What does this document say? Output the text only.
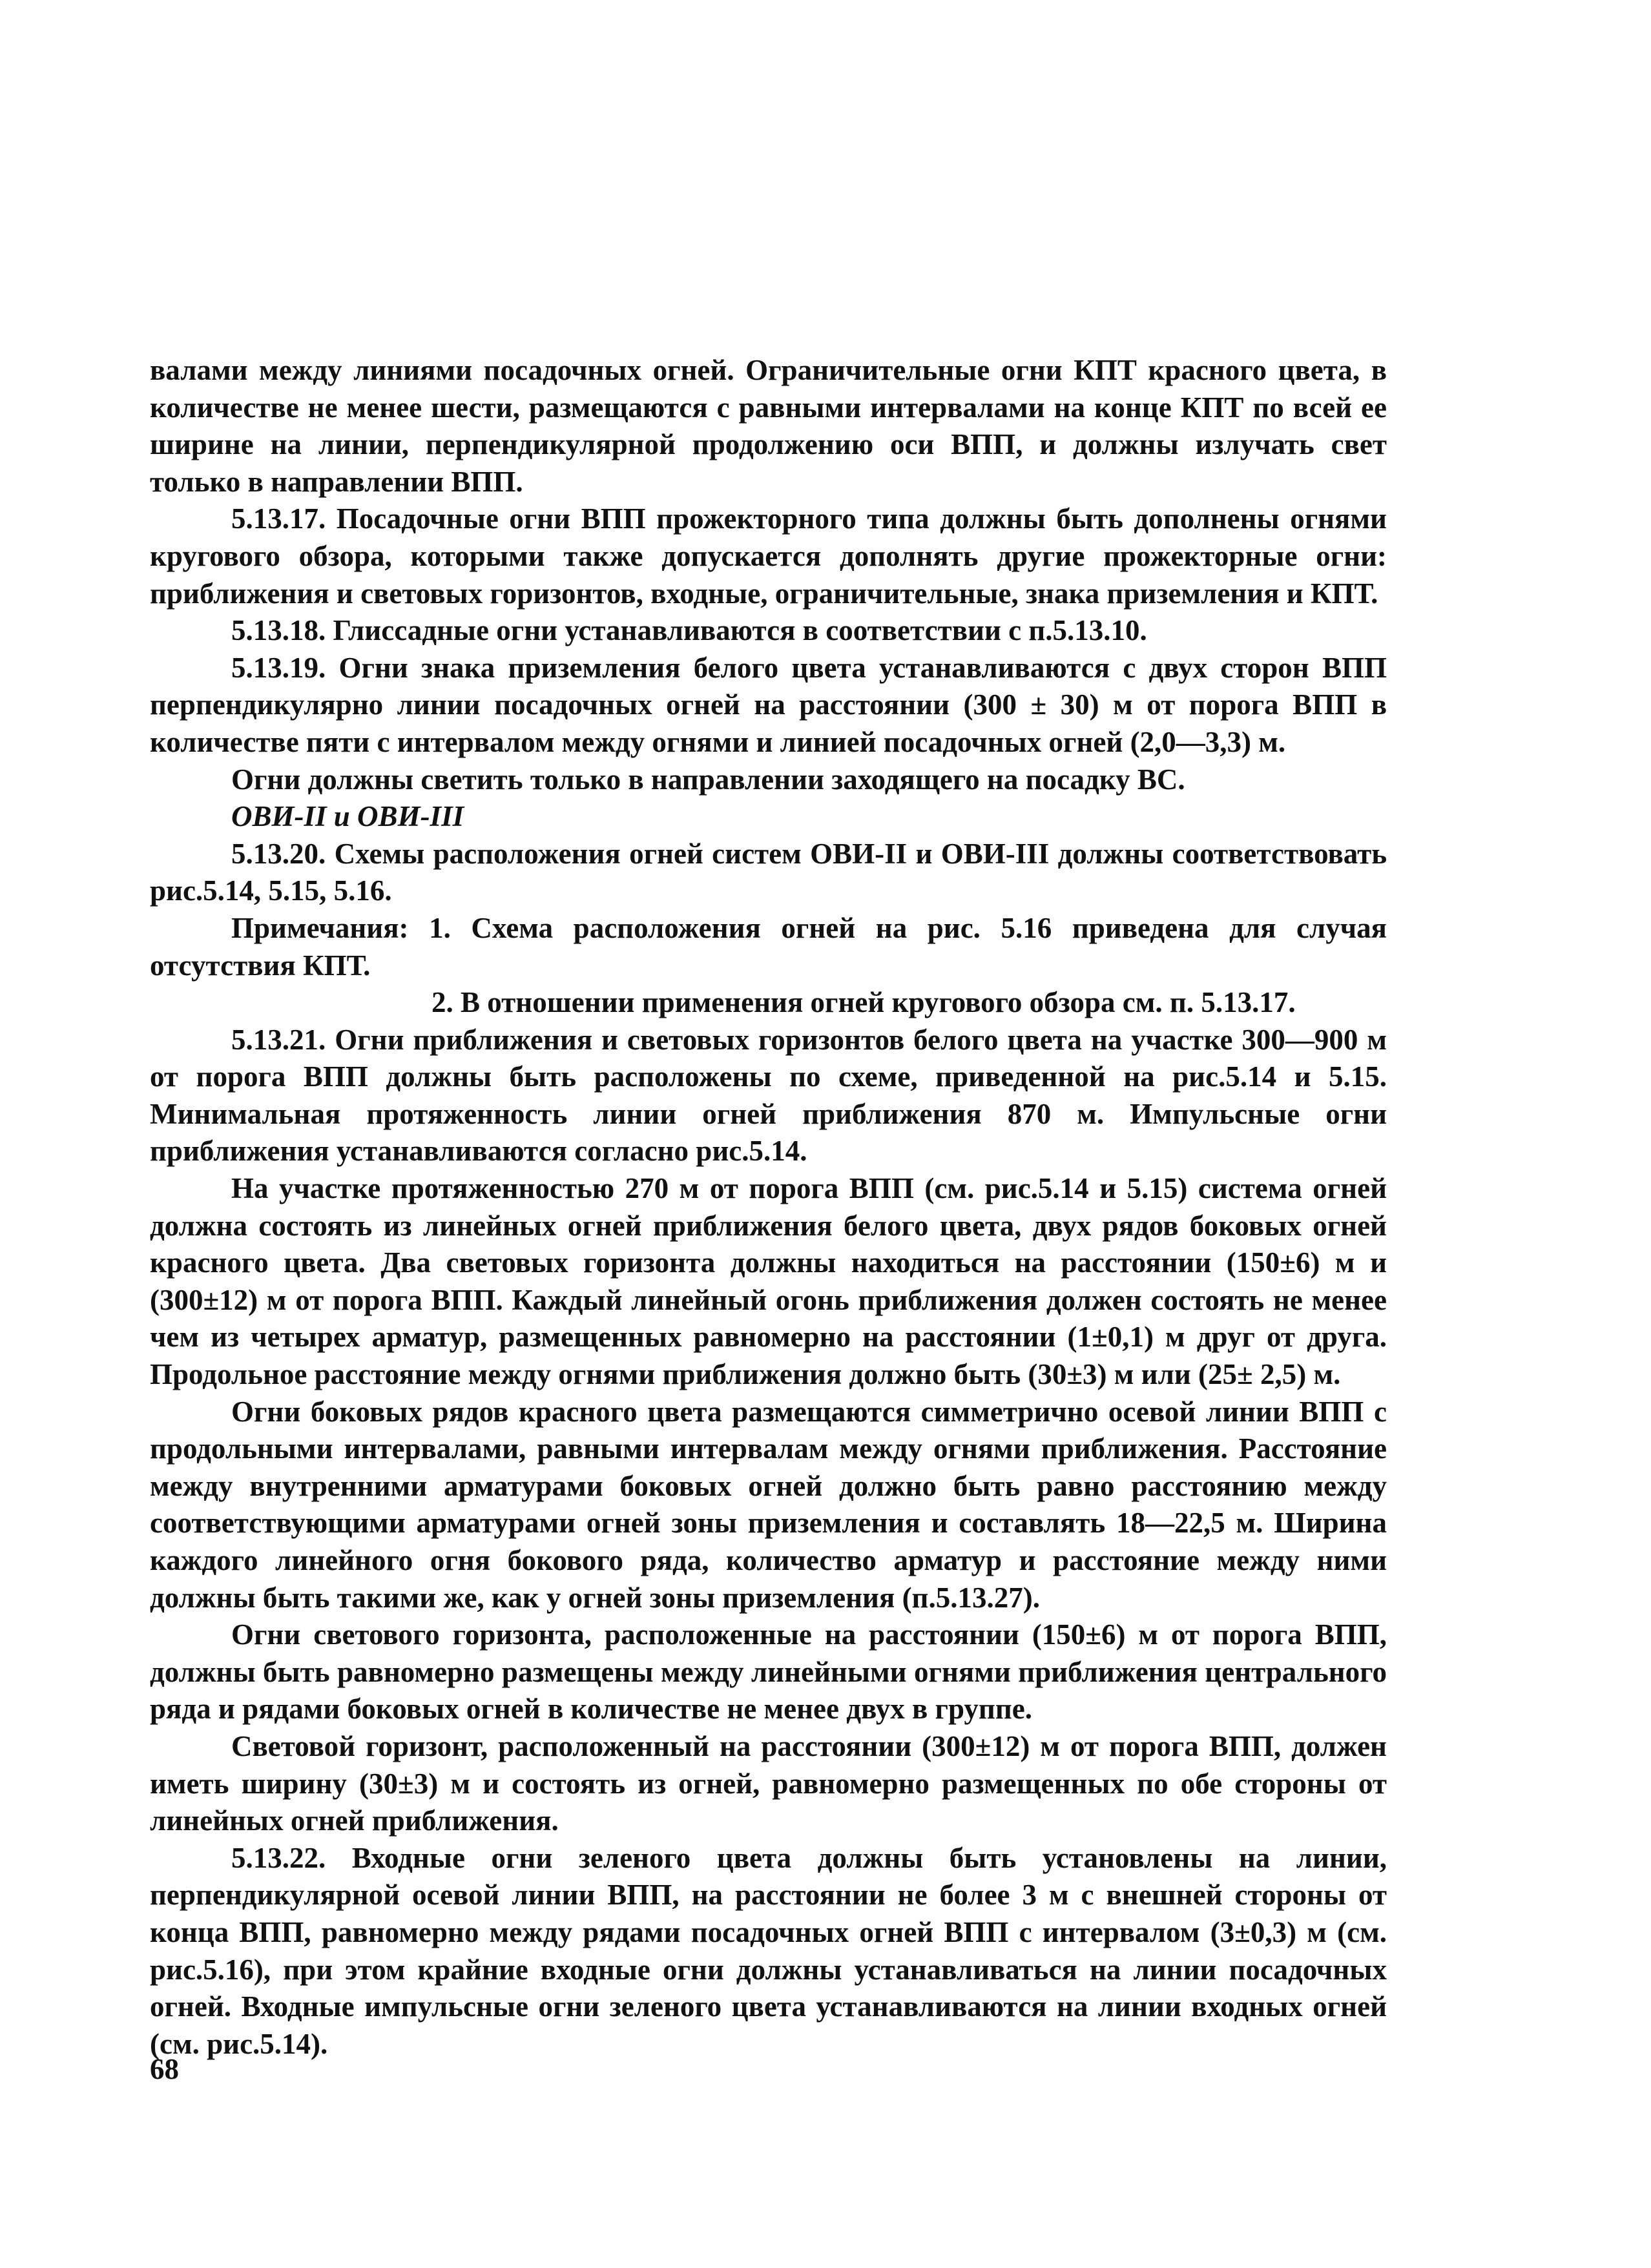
валами между линиями посадочных огней. Ограничительные огни КПТ красного цвета, в количестве не менее шести, размещаются с равными интервалами на конце КПТ по всей ее ширине на линии, перпендикулярной продолжению оси ВПП, и должны излучать свет только в направлении ВПП.

5.13.17. Посадочные огни ВПП прожекторного типа должны быть дополнены огнями кругового обзора, которыми также допускается дополнять другие прожекторные огни: приближения и световых горизонтов, входные, ограничительные, знака приземления и КПТ.

5.13.18. Глиссадные огни устанавливаются в соответствии с п.5.13.10.

5.13.19. Огни знака приземления белого цвета устанавливаются с двух сторон ВПП перпендикулярно линии посадочных огней на расстоянии (300 ± 30) м от порога ВПП в количестве пяти с интервалом между огнями и линией посадочных огней (2,0—3,3) м.

Огни должны светить только в направлении заходящего на посадку ВС.

ОВИ-II и ОВИ-III

5.13.20. Схемы расположения огней систем ОВИ-II и ОВИ-III должны соответствовать рис.5.14, 5.15, 5.16.

Примечания: 1. Схема расположения огней на рис. 5.16 приведена для случая отсутствия КПТ.

2. В отношении применения огней кругового обзора см. п. 5.13.17.

5.13.21. Огни приближения и световых горизонтов белого цвета на участке 300—900 м от порога ВПП должны быть расположены по схеме, приведенной на рис.5.14 и 5.15. Минимальная протяженность линии огней приближения 870 м. Импульсные огни приближения устанавливаются согласно рис.5.14.

На участке протяженностью 270 м от порога ВПП (см. рис.5.14 и 5.15) система огней должна состоять из линейных огней приближения белого цвета, двух рядов боковых огней красного цвета. Два световых горизонта должны находиться на расстоянии (150±6) м и (300±12) м от порога ВПП. Каждый линейный огонь приближения должен состоять не менее чем из четырех арматур, размещенных равномерно на расстоянии (1±0,1) м друг от друга. Продольное расстояние между огнями приближения должно быть (30±3) м или (25± 2,5) м.

Огни боковых рядов красного цвета размещаются симметрично осевой линии ВПП с продольными интервалами, равными интервалам между огнями приближения. Расстояние между внутренними арматурами боковых огней должно быть равно расстоянию между соответствующими арматурами огней зоны приземления и составлять 18—22,5 м. Ширина каждого линейного огня бокового ряда, количество арматур и расстояние между ними должны быть такими же, как у огней зоны приземления (п.5.13.27).

Огни светового горизонта, расположенные на расстоянии (150±6) м от порога ВПП, должны быть равномерно размещены между линейными огнями приближения центрального ряда и рядами боковых огней в количестве не менее двух в группе.

Световой горизонт, расположенный на расстоянии (300±12) м от порога ВПП, должен иметь ширину (30±3) м и состоять из огней, равномерно размещенных по обе стороны от линейных огней приближения.

5.13.22. Входные огни зеленого цвета должны быть установлены на линии, перпендикулярной осевой линии ВПП, на расстоянии не более 3 м с внешней стороны от конца ВПП, равномерно между рядами посадочных огней ВПП с интервалом (3±0,3) м (см. рис.5.16), при этом крайние входные огни должны устанавливаться на линии посадочных огней. Входные импульсные огни зеленого цвета устанавливаются на линии входных огней (см. рис.5.14).

68
